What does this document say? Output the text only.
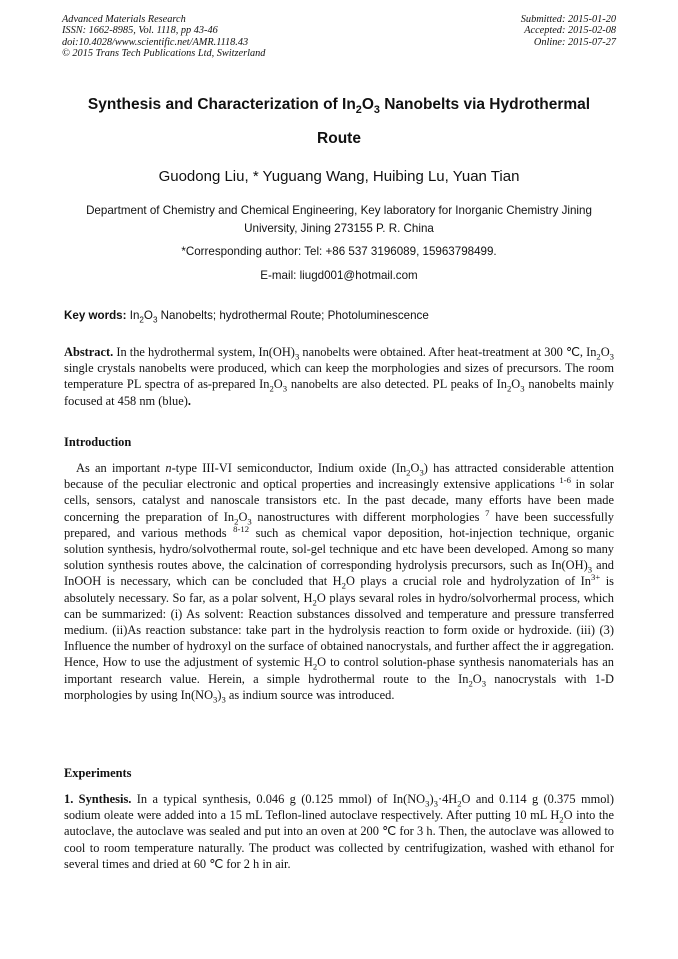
Advanced Materials Research
ISSN: 1662-8985, Vol. 1118, pp 43-46
doi:10.4028/www.scientific.net/AMR.1118.43
© 2015 Trans Tech Publications Ltd, Switzerland
Submitted: 2015-01-20
Accepted: 2015-02-08
Online: 2015-07-27
Synthesis and Characterization of $In_2O_3$ Nanobelts via Hydrothermal
Route
Guodong Liu, * Yuguang Wang, Huibing Lu, Yuan Tian
Department of Chemistry and Chemical Engineering, Key laboratory for Inorganic Chemistry Jining University, Jining 273155 P. R. China
*Corresponding author: Tel: +86 537 3196089, 15963798499.
E-mail: liugd001@hotmail.com
Key words: $In_2O_3$ Nanobelts; hydrothermal Route; Photoluminescence
Abstract. In the hydrothermal system, $In(OH)_3$ nanobelts were obtained. After heat-treatment at 300 ℃, $In_2O_3$ single crystals nanobelts were produced, which can keep the morphologies and sizes of precursors. The room temperature PL spectra of as-prepared $In_2O_3$ nanobelts are also detected. PL peaks of $In_2O_3$ nanobelts mainly focused at 458 nm (blue).
Introduction
As an important n-type III-VI semiconductor, Indium oxide $(In_2O_3)$ has attracted considerable attention because of the peculiar electronic and optical properties and increasingly extensive applications $^{1-6}$ in solar cells, sensors, catalyst and nanoscale transistors etc. In the past decade, many efforts have been made concerning the preparation of $In_2O_3$ nanostructures with different morphologies $^7$ have been successfully prepared, and various methods $^{8-12}$ such as chemical vapor deposition, hot-injection technique, organic solution synthesis, hydro/solvothermal route, sol-gel technique and etc have been developed. Among so many solution synthesis routes above, the calcination of corresponding hydrolysis precursors, such as $In(OH)_3$ and InOOH is necessary, which can be concluded that $H_2O$ plays a crucial role and hydrolyzation of $In^{3+}$ is absolutely necessary. So far, as a polar solvent, $H_2O$ plays sevaral roles in hydro/solvorhermal process, which can be summarized: (i) As solvent: Reaction substances dissolved and temperature and pressure transferred medium. (ii)As reaction substance: take part in the hydrolysis reaction to form oxide or hydroxide. (iii) (3) Influence the number of hydroxyl on the surface of obtained nanocrystals, and further affect the ir aggregation. Hence, How to use the adjustment of systemic $H_2O$ to control solution-phase synthesis nanomaterials has an important research value. Herein, a simple hydrothermal route to the $In_2O_3$ nanocrystals with 1-D morphologies by using $In(NO_3)_3$ as indium source was introduced.
Experiments
1. Synthesis. In a typical synthesis, 0.046 g (0.125 mmol) of $In(NO_3)_3\cdot 4H_2O$ and 0.114 g (0.375 mmol) sodium oleate were added into a 15 mL Teflon-lined autoclave respectively. After putting 10 mL $H_2O$ into the autoclave, the autoclave was sealed and put into an oven at 200 ℃ for 3 h. Then, the autoclave was allowed to cool to room temperature naturally. The product was collected by centrifugization, washed with ethanol for several times and dried at 60 ℃ for 2 h in air.
